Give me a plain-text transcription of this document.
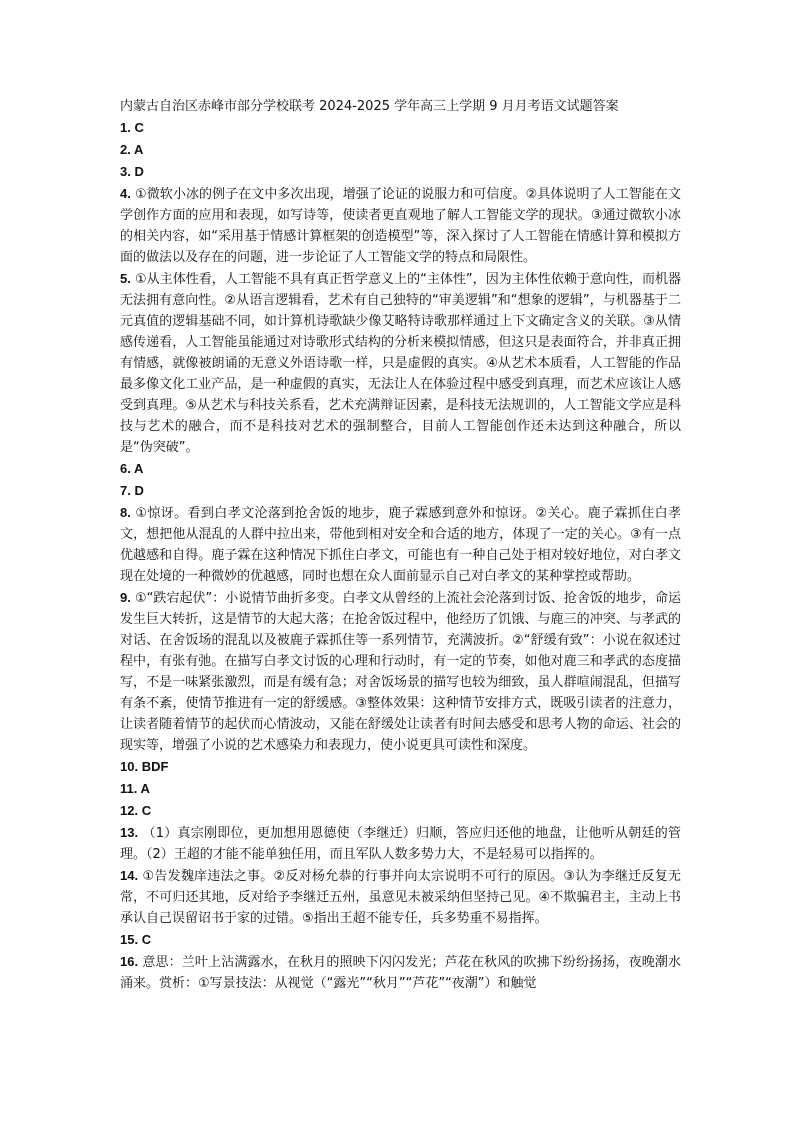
内蒙古自治区赤峰市部分学校联考 2024-2025 学年高三上学期 9 月月考语文试题答案
1. C
2. A
3. D
4. ①微软小冰的例子在文中多次出现，增强了论证的说服力和可信度。②具体说明了人工智能在文学创作方面的应用和表现，如写诗等，使读者更直观地了解人工智能文学的现状。③通过微软小冰的相关内容，如“采用基于情感计算框架的创造模型”等，深入探讨了人工智能在情感计算和模拟方面的做法以及存在的问题，进一步论证了人工智能文学的特点和局限性。
5. ①从主体性看，人工智能不具有真正哲学意义上的“主体性”，因为主体性依赖于意向性，而机器无法拥有意向性。②从语言逻辑看，艺术有自己独特的“审美逻辑”和“想象的逻辑”，与机器基于二元真值的逻辑基础不同，如计算机诗歌缺少像艾略特诗歌那样通过上下文确定含义的关联。③从情感传递看，人工智能虽能通过对诗歌形式结构的分析来模拟情感，但这只是表面符合，并非真正拥有情感，就像被朗诵的无意义外语诗歌一样，只是虚假的真实。④从艺术本质看，人工智能的作品最多像文化工业产品，是一种虚假的真实，无法让人在体验过程中感受到真理，而艺术应该让人感受到真理。⑤从艺术与科技关系看，艺术充满辩证因素，是科技无法规训的，人工智能文学应是科技与艺术的融合，而不是科技对艺术的强制整合，目前人工智能创作还未达到这种融合，所以是“伪突破”。
6. A
7. D
8. ①惊讶。看到白孝文沦落到抢舍饭的地步，鹿子霖感到意外和惊讶。②关心。鹿子霖抓住白孝文，想把他从混乱的人群中拉出来，带他到相对安全和合适的地方，体现了一定的关心。③有一点优越感和自得。鹿子霖在这种情况下抓住白孝文，可能也有一种自己处于相对较好地位，对白孝文现在处境的一种微妙的优越感，同时也想在众人面前显示自己对白孝文的某种掌控或帮助。
9. ①“跌宕起伏”：小说情节曲折多变。白孝文从曾经的上流社会沦落到讨饭、抢舍饭的地步，命运发生巨大转折，这是情节的大起大落；在抢舍饭过程中，他经历了饥饿、与鹿三的冲突、与孝武的对话、在舍饭场的混乱以及被鹿子霖抓住等一系列情节，充满波折。②“舒缓有致”：小说在叙述过程中，有张有弛。在描写白孝文讨饭的心理和行动时，有一定的节奏，如他对鹿三和孝武的态度描写，不是一味紧张激烈，而是有缓有急；对舍饭场景的描写也较为细致，虽人群喧闹混乱，但描写有条不紊，使情节推进有一定的舒缓感。③整体效果：这种情节安排方式，既吸引读者的注意力，让读者随着情节的起伏而心情波动，又能在舒缓处让读者有时间去感受和思考人物的命运、社会的现实等，增强了小说的艺术感染力和表现力，使小说更具可读性和深度。
10. BDF
11. A
12. C
13. （1）真宗刚即位，更加想用恩德使（李继迁）归顺，答应归还他的地盘，让他听从朝廷的管理。（2）王超的才能不能单独任用，而且军队人数多势力大，不是轻易可以指挥的。
14. ①告发魏庠违法之事。②反对杨允恭的行事并向太宗说明不可行的原因。③认为李继迁反复无常，不可归还其地，反对给予李继迁五州，虽意见未被采纳但坚持己见。④不欺骗君主，主动上书承认自己误留诏书于家的过错。⑤指出王超不能专任，兵多势重不易指挥。
15. C
16. 意思：兰叶上沾满露水，在秋月的照映下闪闪发光；芦花在秋风的吹拂下纷纷扬扬，夜晚潮水涌来。赏析：①写景技法：从视觉（“露光”“秋月”“芦花”“夜潮”）和触觉
